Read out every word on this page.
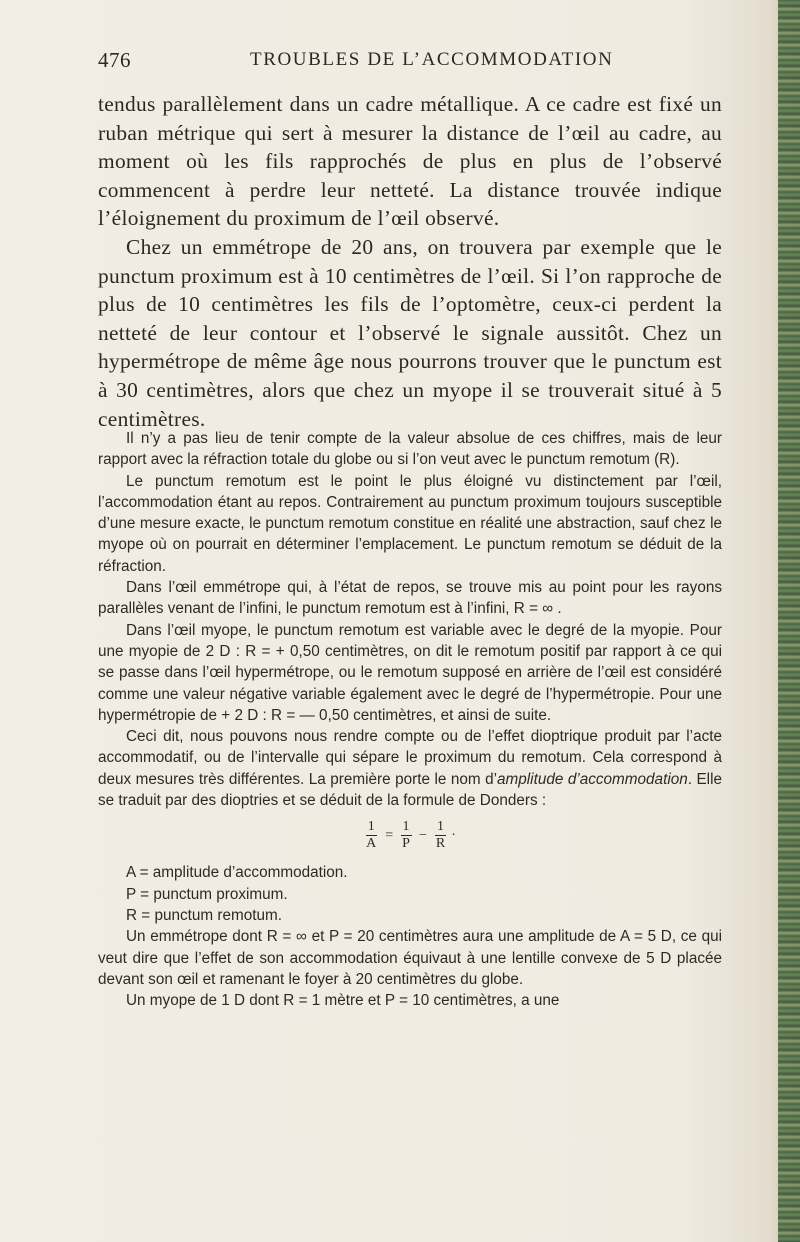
476	TROUBLES DE L’ACCOMMODATION

tendus parallèlement dans un cadre métallique. A ce cadre est fixé un ruban métrique qui sert à mesurer la distance de l’œil au cadre, au moment où les fils rapprochés de plus en plus de l’observé commencent à perdre leur netteté. La distance trouvée indique l’éloignement du proximum de l’œil observé.

Chez un emmétrope de 20 ans, on trouvera par exemple que le punctum proximum est à 10 centimètres de l’œil. Si l’on rapproche de plus de 10 centimètres les fils de l’optomètre, ceux-ci perdent la netteté de leur contour et l’observé le signale aussitôt. Chez un hypermétrope de même âge nous pourrons trouver que le punctum est à 30 centimètres, alors que chez un myope il se trouverait situé à 5 centimètres.

Il n’y a pas lieu de tenir compte de la valeur absolue de ces chiffres, mais de leur rapport avec la réfraction totale du globe ou si l’on veut avec le punctum remotum (R).

Le punctum remotum est le point le plus éloigné vu distinctement par l’œil, l’accommodation étant au repos. Contrairement au punctum proximum toujours susceptible d’une mesure exacte, le punctum remotum constitue en réalité une abstraction, sauf chez le myope où on pourrait en déterminer l’emplacement. Le punctum remotum se déduit de la réfraction.

Dans l’œil emmétrope qui, à l’état de repos, se trouve mis au point pour les rayons parallèles venant de l’infini, le punctum remotum est à l’infini, R = ∞ .

Dans l’œil myope, le punctum remotum est variable avec le degré de la myopie. Pour une myopie de 2 D : R = + 0,50 centimètres, on dit le remotum positif par rapport à ce qui se passe dans l’œil hypermétrope, ou le remotum supposé en arrière de l’œil est considéré comme une valeur négative variable également avec le degré de l’hypermétropie. Pour une hypermétropie de + 2 D : R = — 0,50 centimètres, et ainsi de suite.

Ceci dit, nous pouvons nous rendre compte ou de l’effet dioptrique produit par l’acte accommodatif, ou de l’intervalle qui sépare le proximum du remotum. Cela correspond à deux mesures très différentes. La première porte le nom d’amplitude d’accommodation. Elle se traduit par des dioptries et se déduit de la formule de Donders :

$\frac{1}{A} = \frac{1}{P} - \frac{1}{R}$ ·

A = amplitude d’accommodation.

P = punctum proximum.

R = punctum remotum.

Un emmétrope dont R = ∞ et P = 20 centimètres aura une amplitude de A = 5 D, ce qui veut dire que l’effet de son accommodation équivaut à une lentille convexe de 5 D placée devant son œil et ramenant le foyer à 20 centimètres du globe.

Un myope de 1 D dont R = 1 mètre et P = 10 centimètres, a une
